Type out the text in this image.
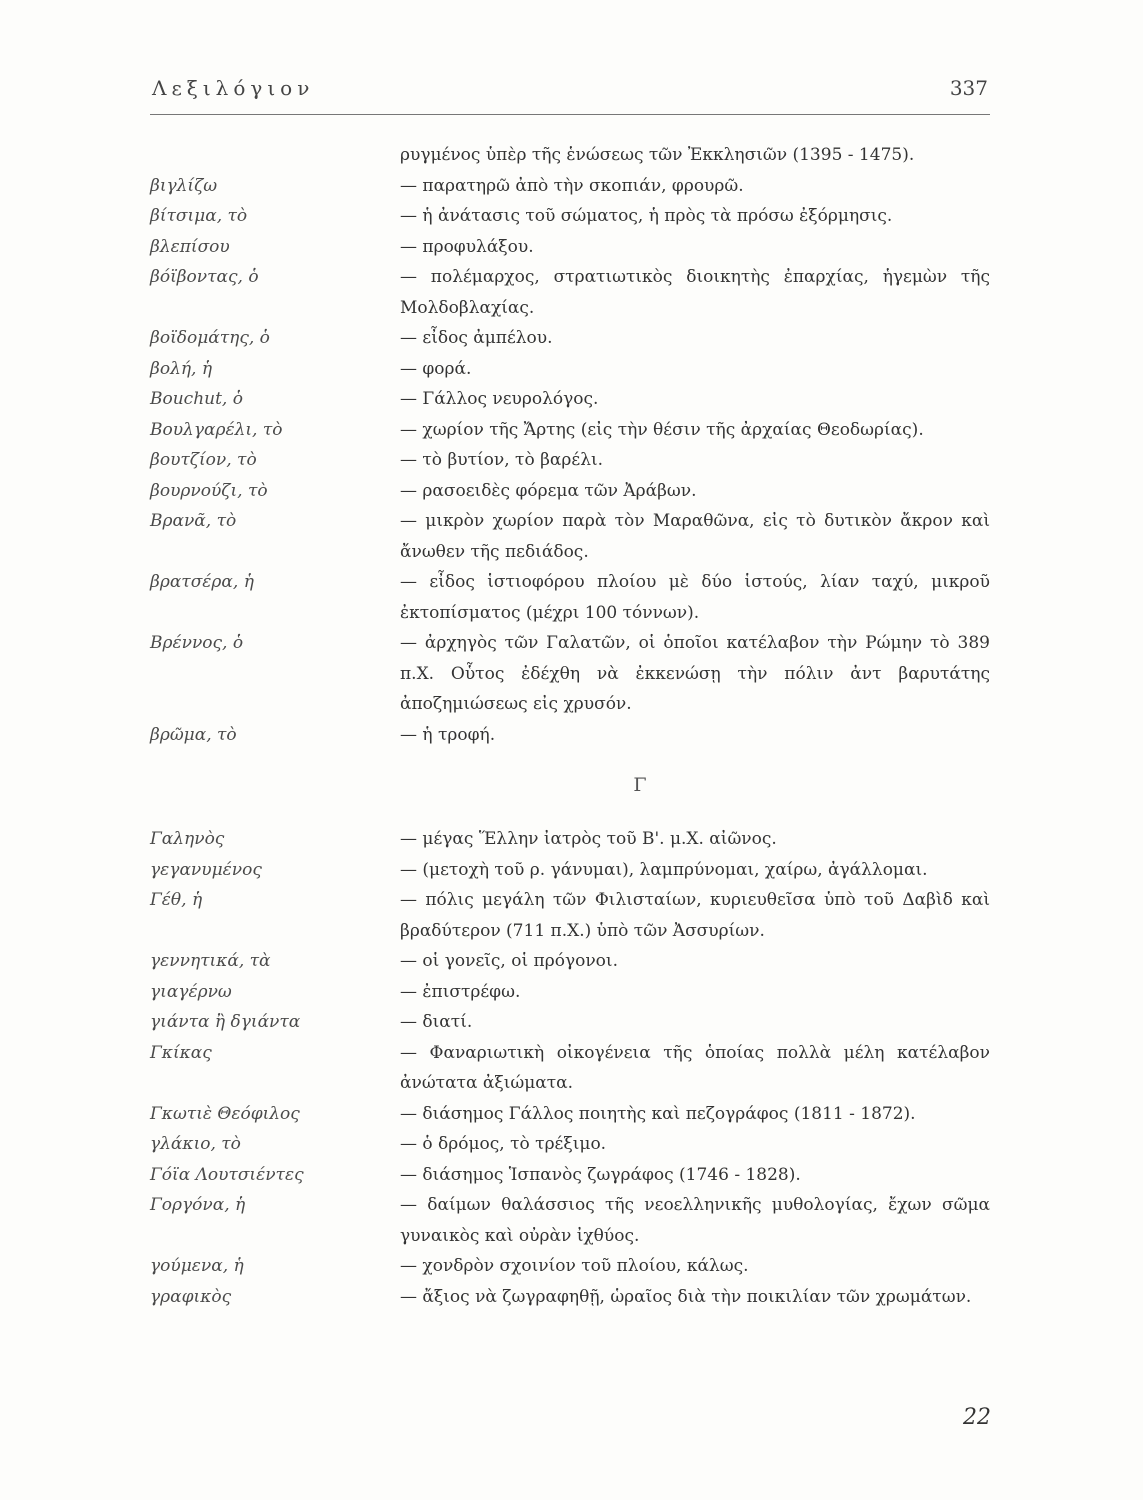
Λεξιλόγιον	337
ρυγμένος ὑπὲρ τῆς ἑνώσεως τῶν Ἐκκλησιῶν (1395 - 1475).
βιγλίζω	— παρατηρῶ ἀπὸ τὴν σκοπιάν, φρουρῶ.
βίτσιμα, τὸ	— ἡ ἀνάτασις τοῦ σώματος, ἡ πρὸς τὰ πρόσω ἐξόρμησις.
βλεπίσου	— προφυλάξου.
βόϊβοντας, ὁ	— πολέμαρχος, στρατιωτικὸς διοικητὴς ἐπαρχίας, ἡγεμὼν τῆς Μολδοβλαχίας.
βοϊδομάτης, ὁ	— εἶδος ἀμπέλου.
βολή, ἡ	— φορά.
Bouchut, ὁ	— Γάλλος νευρολόγος.
Βουλγαρέλι, τὸ	— χωρίον τῆς Ἄρτης (εἰς τὴν θέσιν τῆς ἀρχαίας Θεοδωρίας).
βουτζίον, τὸ	— τὸ βυτίον, τὸ βαρέλι.
βουρνούζι, τὸ	— ρασοειδὲς φόρεμα τῶν Ἀράβων.
Βρανᾶ, τὸ	— μικρὸν χωρίον παρὰ τὸν Μαραθῶνα, εἰς τὸ δυτικὸν ἄκρον καὶ ἄνωθεν τῆς πεδιάδος.
βρατσέρα, ἡ	— εἶδος ἱστιοφόρου πλοίου μὲ δύο ἱστούς, λίαν ταχύ, μικροῦ ἐκτοπίσματος (μέχρι 100 τόννων).
Βρέννος, ὁ	— ἀρχηγὸς τῶν Γαλατῶν, οἱ ὁποῖοι κατέλαβον τὴν Ρώμην τὸ 389 π.Χ. Οὗτος ἐδέχθη νὰ ἐκκενώσῃ τὴν πόλιν ἀντ βαρυτάτης ἀποζημιώσεως εἰς χρυσόν.
βρῶμα, τὸ	— ἡ τροφή.
Γ
Γαληνὸς	— μέγας Ἕλλην ἰατρὸς τοῦ Β'. μ.Χ. αἰῶνος.
γεγανυμένος	— (μετοχὴ τοῦ ρ. γάνυμαι), λαμπρύνομαι, χαίρω, ἀγάλλομαι.
Γέθ, ἡ	— πόλις μεγάλη τῶν Φιλισταίων, κυριευθεῖσα ὑπὸ τοῦ Δαβὶδ καὶ βραδύτερον (711 π.Χ.) ὑπὸ τῶν Ἀσσυρίων.
γεννητικά, τὰ	— οἱ γονεῖς, οἱ πρόγονοι.
γιαγέρνω	— ἐπιστρέφω.
γιάντα ἢ δγιάντα	— διατί.
Γκίκας	— Φαναριωτικὴ οἰκογένεια τῆς ὁποίας πολλὰ μέλη κατέλαβον ἀνώτατα ἀξιώματα.
Γκωτιὲ Θεόφιλος	— διάσημος Γάλλος ποιητὴς καὶ πεζογράφος (1811 - 1872).
γλάκιο, τὸ	— ὁ δρόμος, τὸ τρέξιμο.
Γόϊα Λουτσιέντες	— διάσημος Ἱσπανὸς ζωγράφος (1746 - 1828).
Γοργόνα, ἡ	— δαίμων θαλάσσιος τῆς νεοελληνικῆς μυθολογίας, ἔχων σῶμα γυναικὸς καὶ οὐρὰν ἰχθύος.
γούμενα, ἡ	— χονδρὸν σχοινίον τοῦ πλοίου, κάλως.
γραφικὸς	— ἄξιος νὰ ζωγραφηθῇ, ὡραῖος διὰ τὴν ποικιλίαν τῶν χρωμάτων.
22
